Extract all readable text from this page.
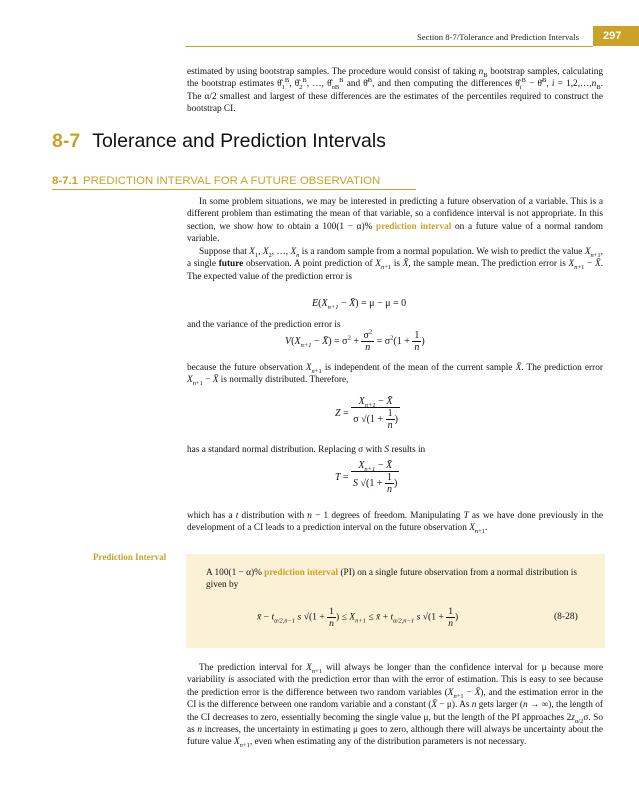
Section 8-7/Tolerance and Prediction Intervals	297
estimated by using bootstrap samples. The procedure would consist of taking $n_B$ bootstrap samples, calculating the bootstrap estimates $\thetâ_1^B$, $\thetâ_2^B$, …, $\thetâ_{nB}^B$ and θ̄$^B$, and then computing the differences $\thetâ_i^B$ − θ̄$^B$, $i = 1,2,\dots,n_B$. The α/2 smallest and largest of these differences are the estimates of the percentiles required to construct the bootstrap CI.
8-7 Tolerance and Prediction Intervals
8-7.1 PREDICTION INTERVAL FOR A FUTURE OBSERVATION
In some problem situations, we may be interested in predicting a future observation of a variable. This is a different problem than estimating the mean of that variable, so a confidence interval is not appropriate. In this section, we show how to obtain a 100(1 − α)% prediction interval on a future value of a normal random variable.
Suppose that $X_1$, $X_2$, …, $X_n$ is a random sample from a normal population. We wish to predict the value $X_{n+1}$, a single future observation. A point prediction of $X_{n+1}$ is X̄, the sample mean. The prediction error is $X_{n+1}$ − X̄. The expected value of the prediction error is
$E(X_{n+1}$ − X̄) = μ − μ = 0
and the variance of the prediction error is
$V(X_{n+1}$ − X̄) = $\sigma^2 + \frac{\sigma^2}{n} = \sigma^2(1 + \frac{1}{n}$ )
because the future observation $X_{n+1}$ is independent of the mean of the current sample X̄. The prediction error $X_{n+1}$ − X̄ is normally distributed. Therefore,
$Z = \frac{X_{n+1} - X̄}{\sigma √(1 + \frac{1}{n} )}$
has a standard normal distribution. Replacing σ with S results in
$T = \frac{X_{n+1} - X̄}{S √(1 + \frac{1}{n} )}$
which has a t distribution with n − 1 degrees of freedom. Manipulating T as we have done previously in the development of a CI leads to a prediction interval on the future observation $X_{n+1}$.
Prediction Interval
A 100(1 − α)% prediction interval (PI) on a single future observation from a normal distribution is given by
x̄ − $t_{\alpha/2,n-1}$ s $√(1 + \frac{1}{n}$ ) ≤ $X_{n+1}$ ≤ x̄ + $t_{\alpha/2,n-1}$ s $√(1 + \frac{1}{n}$ )	(8-28)
The prediction interval for $X_{n+1}$ will always be longer than the confidence interval for μ because more variability is associated with the prediction error than with the error of estimation. This is easy to see because the prediction error is the difference between two random variables ($X_{n+1}$ − X̄), and the estimation error in the CI is the difference between one random variable and a constant (X̄ − μ). As n gets larger (n → ∞), the length of the CI decreases to zero, essentially becoming the single value μ, but the length of the PI approaches $2z_{\alpha/2}\sigma$. So as n increases, the uncertainty in estimating μ goes to zero, although there will always be uncertainty about the future value $X_{n+1}$, even when estimating any of the distribution parameters is not necessary.
